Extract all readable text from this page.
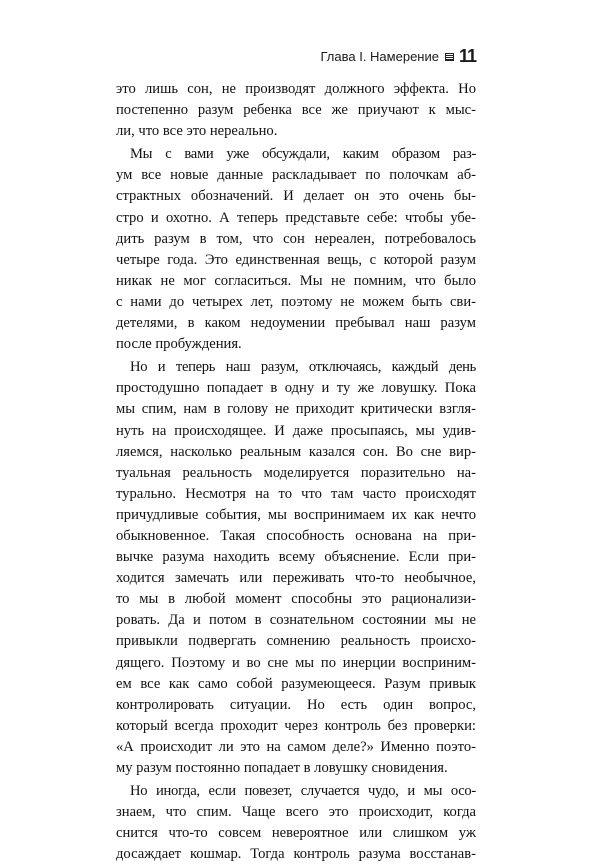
Глава I. Намерение 11
это лишь сон, не производят должного эффекта. Но
постепенно разум ребенка все же приучают к мыс-
ли, что все это нереально.
Мы с вами уже обсуждали, каким образом раз-
ум все новые данные раскладывает по полочкам аб-
страктных обозначений. И делает он это очень бы-
стро и охотно. А теперь представьте себе: чтобы убе-
дить разум в том, что сон нереален, потребовалось
четыре года. Это единственная вещь, с которой разум
никак не мог согласиться. Мы не помним, что было
с нами до четырех лет, поэтому не можем быть сви-
детелями, в каком недоумении пребывал наш разум
после пробуждения.
Но и теперь наш разум, отключаясь, каждый день
простодушно попадает в одну и ту же ловушку. Пока
мы спим, нам в голову не приходит критически взгля-
нуть на происходящее. И даже просыпаясь, мы удив-
ляемся, насколько реальным казался сон. Во сне вир-
туальная реальность моделируется поразительно на-
турально. Несмотря на то что там часто происходят
причудливые события, мы воспринимаем их как нечто
обыкновенное. Такая способность основана на при-
вычке разума находить всему объяснение. Если при-
ходится замечать или переживать что-то необычное,
то мы в любой момент способны это рационализи-
ровать. Да и потом в сознательном состоянии мы не
привыкли подвергать сомнению реальность происхо-
дящего. Поэтому и во сне мы по инерции восприним-
ем все как само собой разумеющееся. Разум привык
контролировать ситуации. Но есть один вопрос,
который всегда проходит через контроль без проверки:
«А происходит ли это на самом деле?» Именно поэто-
му разум постоянно попадает в ловушку сновидения.
Но иногда, если повезет, случается чудо, и мы осо-
знаем, что спим. Чаще всего это происходит, когда
снится что-то совсем невероятное или слишком уж
досаждает кошмар. Тогда контроль разума восстанав-
